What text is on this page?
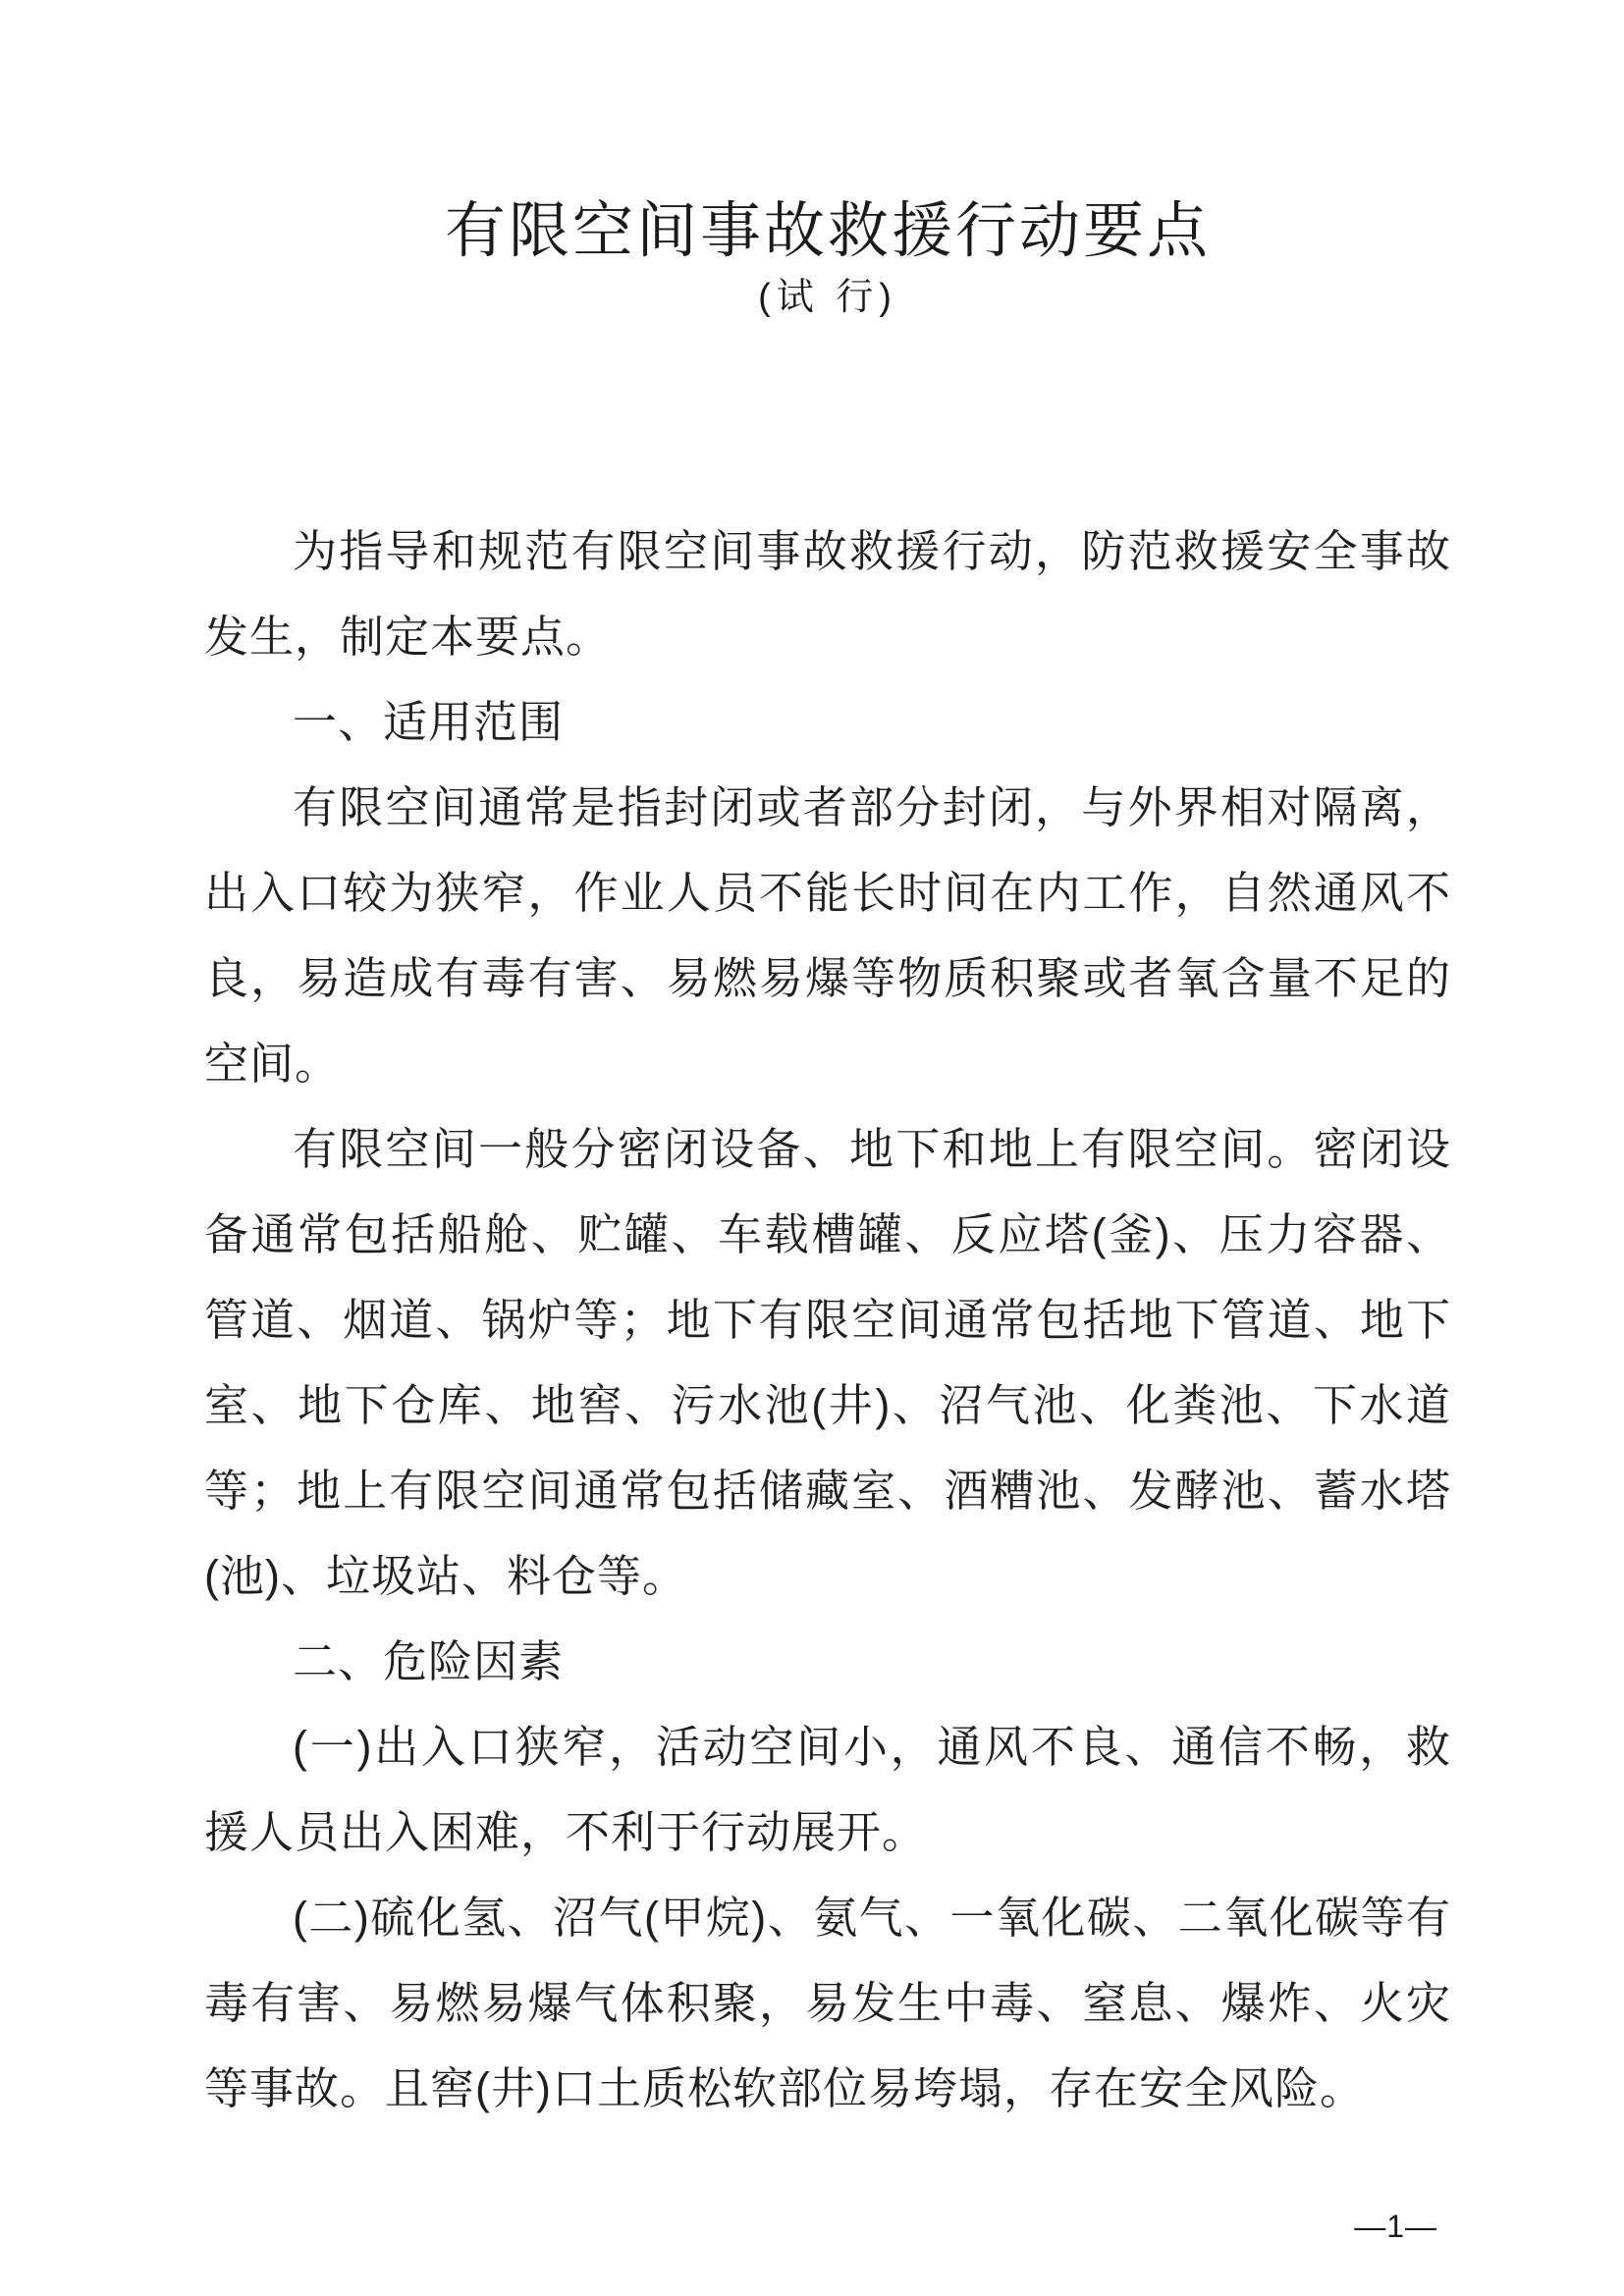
有限空间事故救援行动要点
(试 行)

为指导和规范有限空间事故救援行动，防范救援安全事故发生，制定本要点。

一、适用范围

有限空间通常是指封闭或者部分封闭，与外界相对隔离，出入口较为狭窄，作业人员不能长时间在内工作，自然通风不良，易造成有毒有害、易燃易爆等物质积聚或者氧含量不足的空间。

有限空间一般分密闭设备、地下和地上有限空间。密闭设备通常包括船舱、贮罐、车载槽罐、反应塔(釜)、压力容器、管道、烟道、锅炉等；地下有限空间通常包括地下管道、地下室、地下仓库、地窖、污水池(井)、沼气池、化粪池、下水道等；地上有限空间通常包括储藏室、酒糟池、发酵池、蓄水塔(池)、垃圾站、料仓等。

二、危险因素

(一)出入口狭窄，活动空间小，通风不良、通信不畅，救援人员出入困难，不利于行动展开。

(二)硫化氢、沼气(甲烷)、氨气、一氧化碳、二氧化碳等有毒有害、易燃易爆气体积聚，易发生中毒、窒息、爆炸、火灾等事故。且窖(井)口土质松软部位易垮塌，存在安全风险。

—1—
